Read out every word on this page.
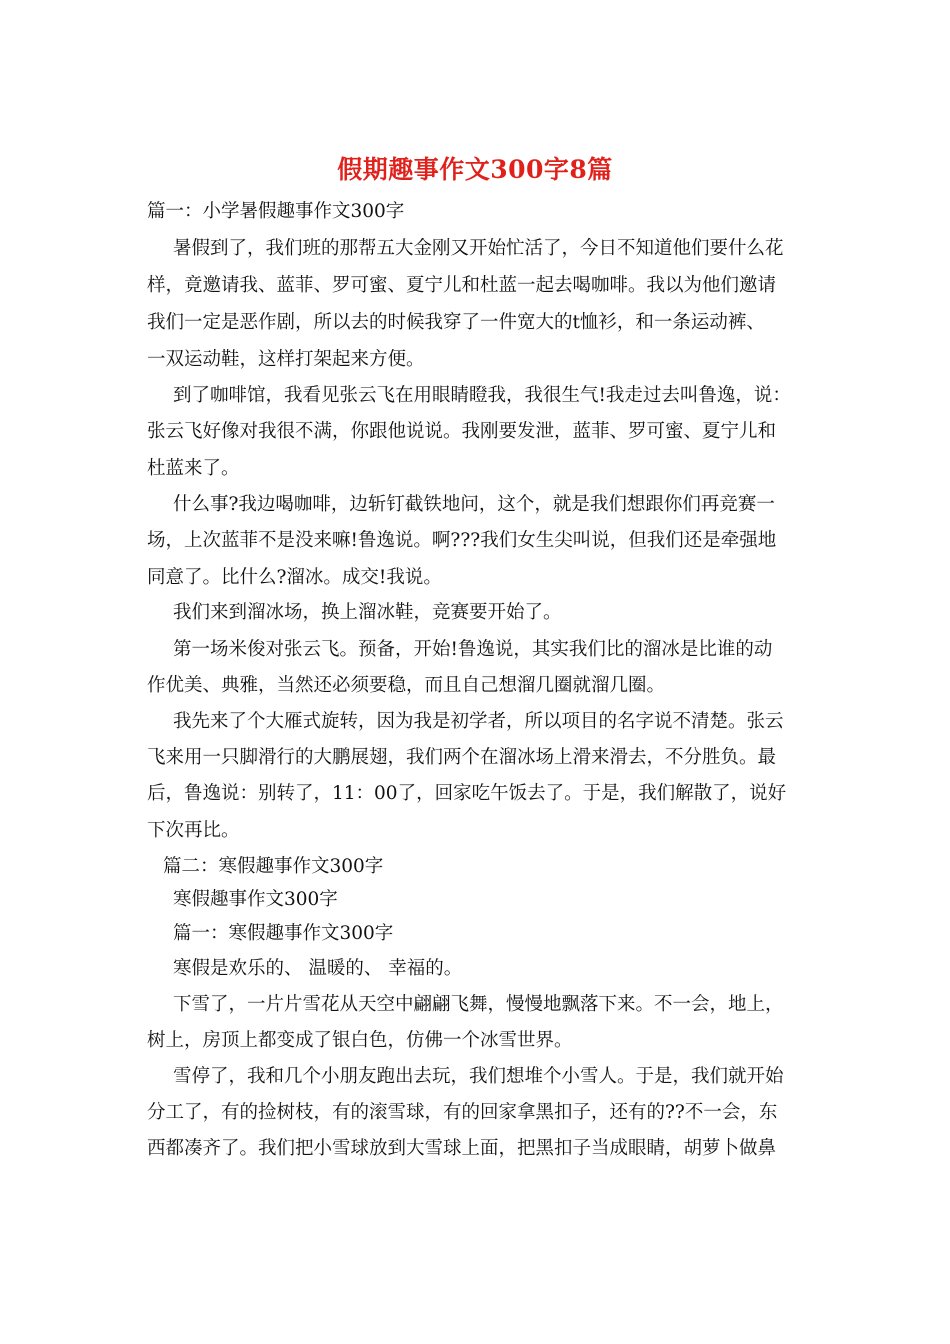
假期趣事作文300字8篇
篇一：小学暑假趣事作文300字
暑假到了，我们班的那帮五大金刚又开始忙活了，今日不知道他们要什么花
样，竟邀请我、蓝菲、罗可蜜、夏宁儿和杜蓝一起去喝咖啡。我以为他们邀请
我们一定是恶作剧，所以去的时候我穿了一件宽大的t恤衫，和一条运动裤、
一双运动鞋，这样打架起来方便。
到了咖啡馆，我看见张云飞在用眼睛瞪我，我很生气!我走过去叫鲁逸，说：
张云飞好像对我很不满，你跟他说说。我刚要发泄，蓝菲、罗可蜜、夏宁儿和
杜蓝来了。
什么事?我边喝咖啡，边斩钉截铁地问，这个，就是我们想跟你们再竞赛一
场，上次蓝菲不是没来嘛!鲁逸说。啊???我们女生尖叫说，但我们还是牵强地
同意了。比什么?溜冰。成交!我说。
我们来到溜冰场，换上溜冰鞋，竞赛要开始了。
第一场米俊对张云飞。预备，开始!鲁逸说，其实我们比的溜冰是比谁的动
作优美、典雅，当然还必须要稳，而且自己想溜几圈就溜几圈。
我先来了个大雁式旋转，因为我是初学者，所以项目的名字说不清楚。张云
飞来用一只脚滑行的大鹏展翅，我们两个在溜冰场上滑来滑去，不分胜负。最
后，鲁逸说：别转了，11：00了，回家吃午饭去了。于是，我们解散了，说好
下次再比。
篇二：寒假趣事作文300字
寒假趣事作文300字
篇一：寒假趣事作文300字
寒假是欢乐的、 温暖的、 幸福的。
下雪了，一片片雪花从天空中翩翩飞舞，慢慢地飘落下来。不一会，地上，
树上，房顶上都变成了银白色，仿佛一个冰雪世界。
雪停了，我和几个小朋友跑出去玩，我们想堆个小雪人。于是，我们就开始
分工了，有的捡树枝，有的滚雪球，有的回家拿黑扣子，还有的??不一会，东
西都凑齐了。我们把小雪球放到大雪球上面，把黑扣子当成眼睛，胡萝卜做鼻
